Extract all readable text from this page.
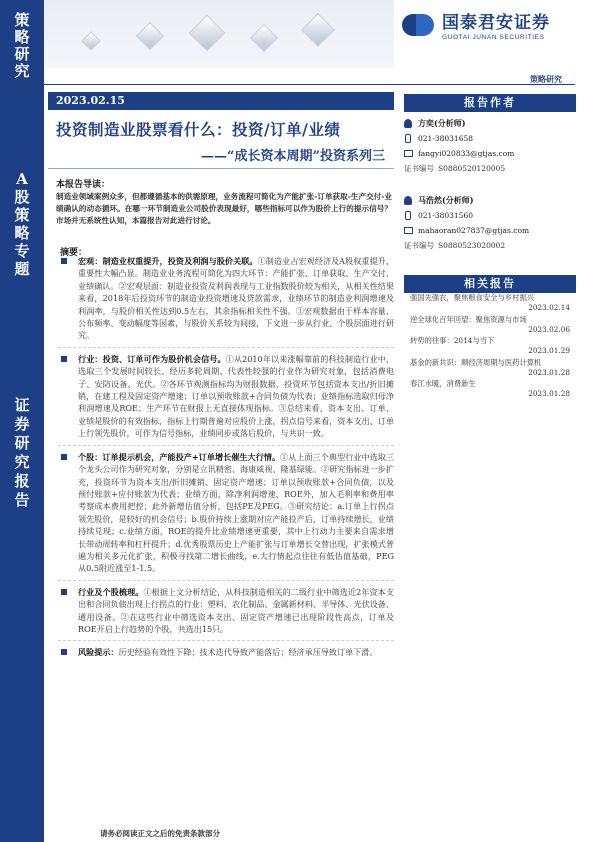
策
略
研
究
A
股
策
略
专
题
证
券
研
究
报
告
国泰君安证券
GUOTAI JUNAN SECURITIES
策略研究
2023.02.15
投资制造业股票看什么：投资/订单/业绩
——“成长资本周期”投资系列三
本报告导读：
制造业领域案例众多，但都遵循基本的供需原理，业务流程可简化为产能扩张-订单获取-生产交付-业绩确认的动态循环。在哪一环节制造业公司股价表现最好，哪些指标可以作为股价上行的提示信号？市场并无系统性认知，本篇报告对此进行讨论。
摘要：
宏观：制造业权重提升，投资及利润与股价关联。①制造业占宏观经济及A股权重提升，重要性大幅凸显。制造业业务流程可简化为四大环节：产能扩张、订单获取、生产交付、业绩确认。②宏观层面：制造业投资及利润表现与工业指数股价较为相关，从相关性结果来看，2018年后投资环节的制造业投资增速及贷款需求，业绩环节的制造业利润增速及利润率，与股价相关性达到0.5左右，其余指标相关性不强。③宏观数据由于样本容量、公布频率、变动幅度等因素，与股价关系较为间接，下文进一步从行业、个股层面进行研究。
行业：投资、订单可作为股价机会信号。①从2010年以来涨幅靠前的科技制造行业中，选取三个发展时间较长、经历多轮周期、代表性较强的行业作为研究对象，包括消费电子、安防设备、光伏。②各环节观测指标均为财报数据，投资环节包括资本支出/折旧摊销，在建工程及固定资产增速；订单以预收账款+合同负债为代表；业绩指标选取归母净利润增速及ROE；生产环节在财报上无直接体现指标。③总结来看，资本支出、订单、业绩是股价的有效指标，指标上行期普遍对应股价上涨，拐点信号来看，资本支出、订单上行领先股价，可作为信号指标，业绩同步或落后股价，与共识一致。
个股：订单提示机会，产能投产+订单增长催生大行情。①从上面三个典型行业中选取三个龙头公司作为研究对象，分别是立讯精密、海康威视、隆基绿能。②研究指标进一步扩充，投资环节为资本支出/折旧摊销、固定资产增速；订单以预收账款+合同负债，以及预付账款+应付账款为代表；业绩方面，除净利润增速、ROE外，加入毛利率和费用率考察成本费用把控；此外新增估值分析，包括PE及PEG。③研究结论：a.订单上行拐点领先股价，是较好的机会信号；b.股价持续上涨期对应产能投产后，订单持续增长，业绩持续兑现；c.业绩方面，ROE的提升比业绩增速更重要，其中上行动力主要来自需求增长带动周转率和杠杆提升；d.优秀股票历史上产能扩张与订单增长交替出现，扩张模式普遍为相关多元化扩张，积极寻找第二增长曲线，e.大行情起点往往有低估值基础，PEG从0.5附近涨至1-1.5。
行业及个股梳理。①根据上文分析结论，从科技制造相关的二级行业中筛选近2年资本支出和合同负债出现上行拐点的行业：塑料、农化制品、金属新材料、半导体、光伏设备、通用设备。②在这些行业中筛选资本支出、固定资产增速已出现阶段性高点，订单及ROE开启上行趋势的个股，共选出15只。
风险提示：历史经验有效性下降；技术迭代导致产能落后；经济承压导致订单下滑。
请务必阅读正文之后的免责条款部分
报告作者
方奕(分析师)
021-38031658
fangyi020833@gtjas.com
证书编号 S0880520120005
马浩然(分析师)
021-38031560
mahaoran027837@gtjas.com
证书编号 S0880523020002
相关报告
强国先强农，聚焦粮食安全与乡村振兴
2023.02.14
逆全球化百年回望：聚焦资源与市场
2023.02.06
转势的往事：2014与当下
2023.01.29
基金的新共识：顺经济周期与医药计算机
2023.01.28
春江水暖，消费新生
2023.01.28
